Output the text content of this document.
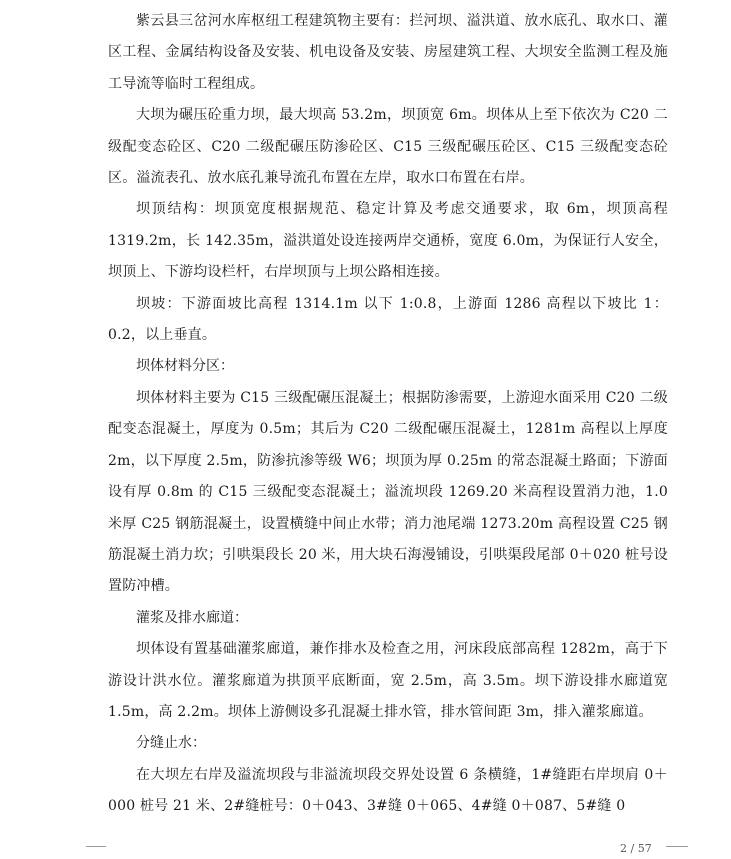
紫云县三岔河水库枢纽工程建筑物主要有：拦河坝、溢洪道、放水底孔、取水口、灌区工程、金属结构设备及安装、机电设备及安装、房屋建筑工程、大坝安全监测工程及施工导流等临时工程组成。

大坝为碾压砼重力坝，最大坝高 53.2m，坝顶宽 6m。坝体从上至下依次为 C20 二级配变态砼区、C20 二级配碾压防渗砼区、C15 三级配碾压砼区、C15 三级配变态砼区。溢流表孔、放水底孔兼导流孔布置在左岸，取水口布置在右岸。

坝顶结构：坝顶宽度根据规范、稳定计算及考虑交通要求，取 6m，坝顶高程 1319.2m，长 142.35m，溢洪道处设连接两岸交通桥，宽度 6.0m，为保证行人安全，坝顶上、下游均设栏杆，右岸坝顶与上坝公路相连接。

坝坡：下游面坡比高程 1314.1m 以下 1:0.8，上游面 1286 高程以下坡比 1：0.2，以上垂直。

坝体材料分区：

坝体材料主要为 C15 三级配碾压混凝土；根据防渗需要，上游迎水面采用 C20 二级配变态混凝土，厚度为 0.5m；其后为 C20 二级配碾压混凝土，1281m 高程以上厚度 2m，以下厚度 2.5m，防渗抗渗等级 W6；坝顶为厚 0.25m 的常态混凝土路面；下游面设有厚 0.8m 的 C15 三级配变态混凝土；溢流坝段 1269.20 米高程设置消力池，1.0 米厚 C25 钢筋混凝土，设置横缝中间止水带；消力池尾端 1273.20m 高程设置 C25 钢筋混凝土消力坎；引哄渠段长 20 米，用大块石海漫铺设，引哄渠段尾部 0＋020 桩号设置防冲槽。

灌浆及排水廊道：

坝体设有置基础灌浆廊道，兼作排水及检查之用，河床段底部高程 1282m，高于下游设计洪水位。灌浆廊道为拱顶平底断面，宽 2.5m，高 3.5m。坝下游设排水廊道宽 1.5m，高 2.2m。坝体上游侧设多孔混凝土排水管，排水管间距 3m，排入灌浆廊道。

分缝止水：

在大坝左右岸及溢流坝段与非溢流坝段交界处设置 6 条横缝，1#缝距右岸坝肩 0＋000 桩号 21 米、2#缝桩号：0＋043、3#缝 0＋065、4#缝 0＋087、5#缝 0

2 / 57
